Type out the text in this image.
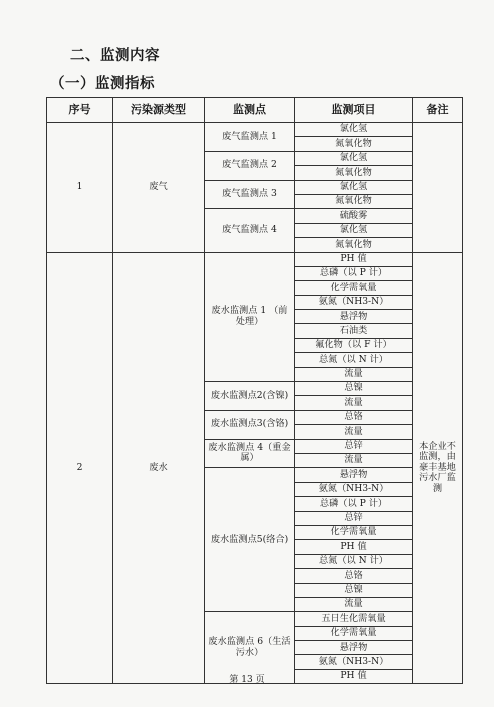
二、监测内容
（一）监测指标
序号	污染源类型	监测点	监测项目	备注
1	废气	废气监测点 1	氯化氢	
			氮氧化物	
		废气监测点 2	氯化氢	
			氮氧化物	
		废气监测点 3	氯化氢	
			氮氧化物	
		废气监测点 4	硫酸雾	
			氯化氢	
			氮氧化物	
2	废水	废水监测点 1 （前处理）	PH 值	本企业不监测，由豪丰基地污水厂监测
			总磷（以 P 计）	
			化学需氧量	
			氨氮（NH3-N）	
			悬浮物	
			石油类	
			氟化物（以 F 计）	
			总氮（以 N 计）	
			流量	
		废水监测点2(含镍)	总镍	
			流量	
		废水监测点3(含铬)	总铬	
			流量	
		废水监测点 4（重金属）	总锌	
			流量	
		废水监测点5(络合)	悬浮物	
			氨氮（NH3-N）	
			总磷（以 P 计）	
			总锌	
			化学需氧量	
			PH 值	
			总氮（以 N 计）	
			总铬	
			总镍	
			流量	
		废水监测点 6（生活污水）	五日生化需氧量	
			化学需氧量	
			悬浮物	
			氨氮（NH3-N）	
			PH 值	
第 13 页
